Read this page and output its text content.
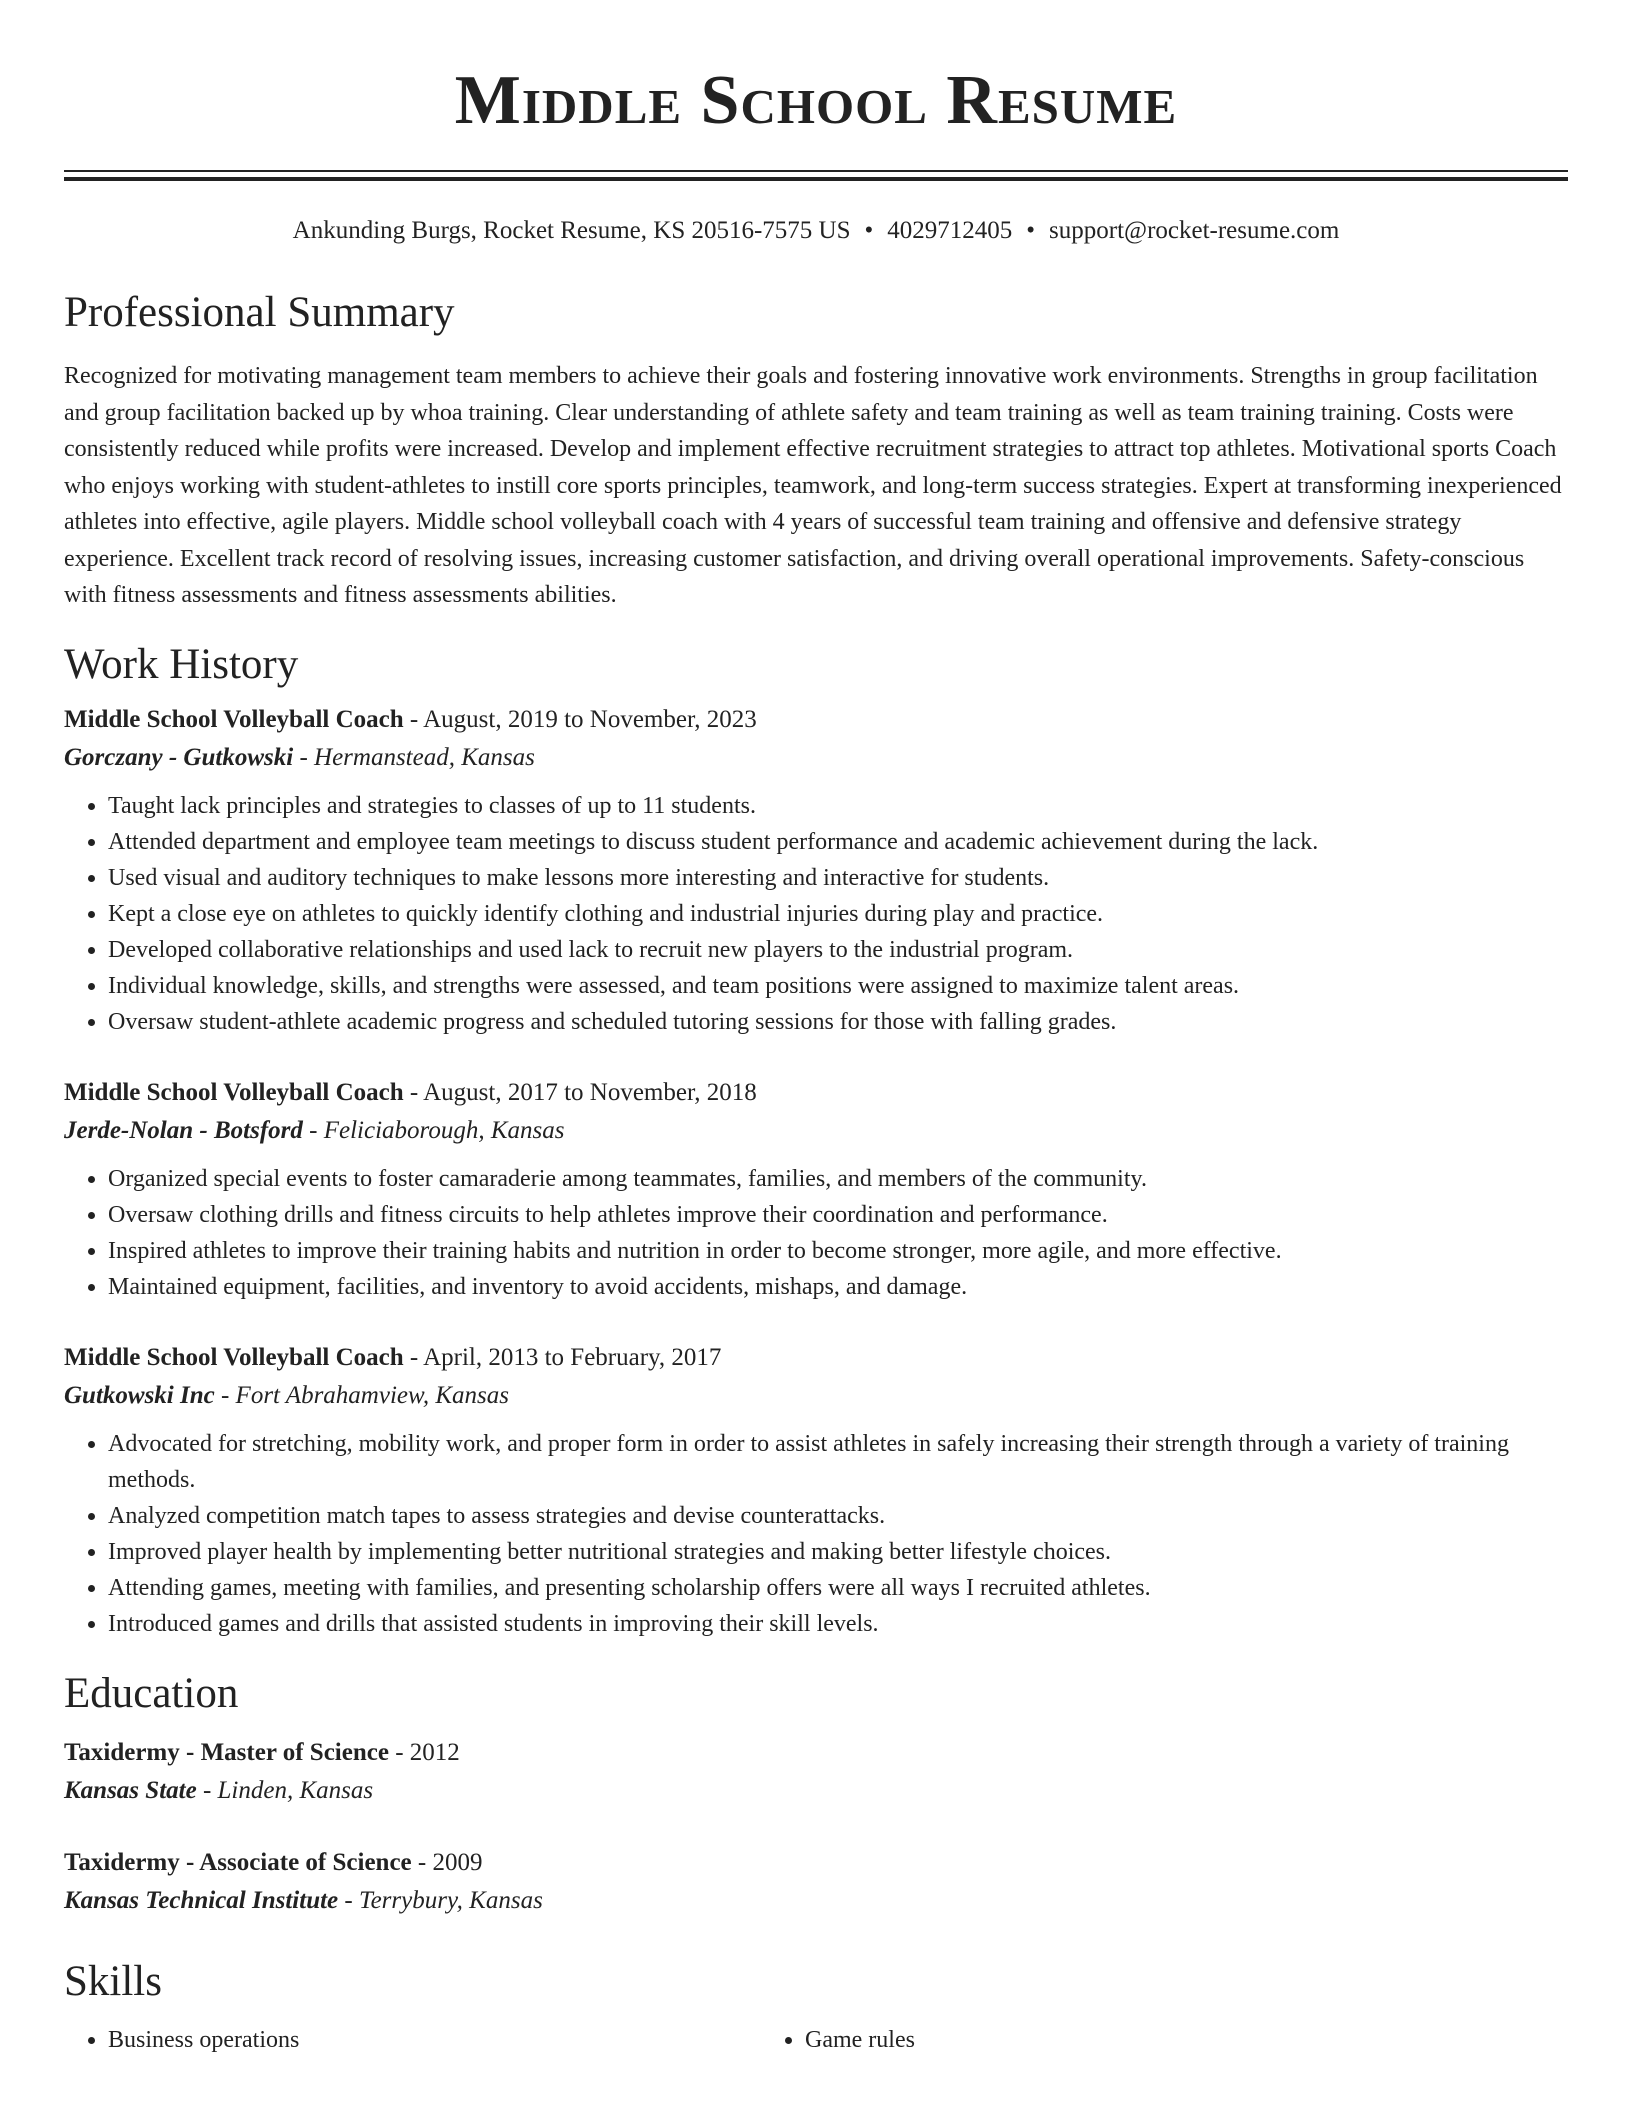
Middle School Resume
Ankunding Burgs, Rocket Resume, KS 20516-7575 US • 4029712405 • support@rocket-resume.com
Professional Summary
Recognized for motivating management team members to achieve their goals and fostering innovative work environments. Strengths in group facilitation and group facilitation backed up by whoa training. Clear understanding of athlete safety and team training as well as team training training. Costs were consistently reduced while profits were increased. Develop and implement effective recruitment strategies to attract top athletes. Motivational sports Coach who enjoys working with student-athletes to instill core sports principles, teamwork, and long-term success strategies. Expert at transforming inexperienced athletes into effective, agile players. Middle school volleyball coach with 4 years of successful team training and offensive and defensive strategy experience. Excellent track record of resolving issues, increasing customer satisfaction, and driving overall operational improvements. Safety-conscious with fitness assessments and fitness assessments abilities.
Work History
Middle School Volleyball Coach - August, 2019 to November, 2023
Gorczany - Gutkowski - Hermanstead, Kansas
• Taught lack principles and strategies to classes of up to 11 students.
• Attended department and employee team meetings to discuss student performance and academic achievement during the lack.
• Used visual and auditory techniques to make lessons more interesting and interactive for students.
• Kept a close eye on athletes to quickly identify clothing and industrial injuries during play and practice.
• Developed collaborative relationships and used lack to recruit new players to the industrial program.
• Individual knowledge, skills, and strengths were assessed, and team positions were assigned to maximize talent areas.
• Oversaw student-athlete academic progress and scheduled tutoring sessions for those with falling grades.
Middle School Volleyball Coach - August, 2017 to November, 2018
Jerde-Nolan - Botsford - Feliciaborough, Kansas
• Organized special events to foster camaraderie among teammates, families, and members of the community.
• Oversaw clothing drills and fitness circuits to help athletes improve their coordination and performance.
• Inspired athletes to improve their training habits and nutrition in order to become stronger, more agile, and more effective.
• Maintained equipment, facilities, and inventory to avoid accidents, mishaps, and damage.
Middle School Volleyball Coach - April, 2013 to February, 2017
Gutkowski Inc - Fort Abrahamview, Kansas
• Advocated for stretching, mobility work, and proper form in order to assist athletes in safely increasing their strength through a variety of training methods.
• Analyzed competition match tapes to assess strategies and devise counterattacks.
• Improved player health by implementing better nutritional strategies and making better lifestyle choices.
• Attending games, meeting with families, and presenting scholarship offers were all ways I recruited athletes.
• Introduced games and drills that assisted students in improving their skill levels.
Education
Taxidermy - Master of Science - 2012
Kansas State - Linden, Kansas
Taxidermy - Associate of Science - 2009
Kansas Technical Institute - Terrybury, Kansas
Skills
• Business operations
•	Game rules
